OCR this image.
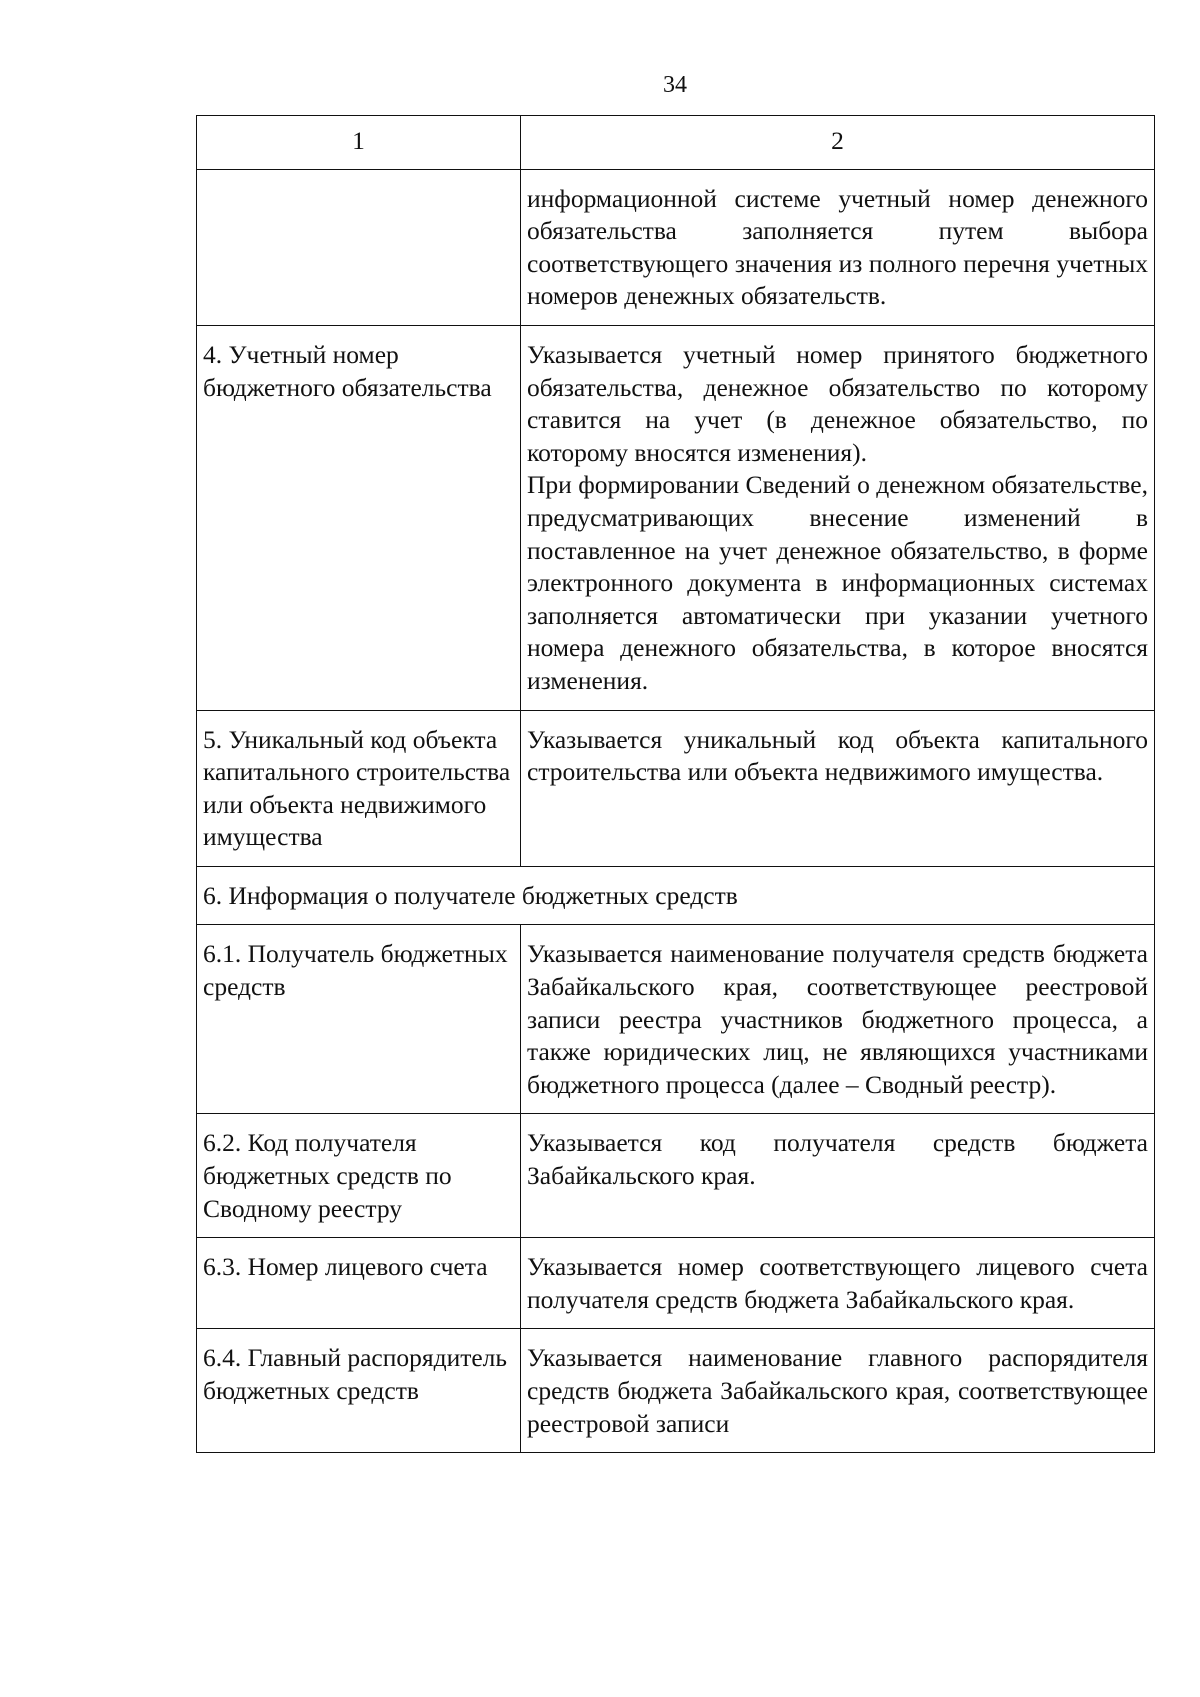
34
1	2

	информационной системе учетный номер денежного обязательства заполняется путем выбора соответствующего значения из полного перечня учетных номеров денежных обязательств.

4. Учетный номер бюджетного обязательства	Указывается учетный номер принятого бюджетного обязательства, денежное обязательство по которому ставится на учет (в денежное обязательство, по которому вносятся изменения).
При формировании Сведений о денежном обязательстве, предусматривающих внесение изменений в поставленное на учет денежное обязательство, в форме электронного документа в информационных системах заполняется автоматически при указании учетного номера денежного обязательства, в которое вносятся изменения.

5. Уникальный код объекта капитального строительства или объекта недвижимого имущества	Указывается уникальный код объекта капитального строительства или объекта недвижимого имущества.

6. Информация о получателе бюджетных средств	
6.1. Получатель бюджетных средств	Указывается наименование получателя средств бюджета Забайкальского края, соответствующее реестровой записи реестра участников бюджетного процесса, а также юридических лиц, не являющихся участниками бюджетного процесса (далее – Сводный реестр).

6.2. Код получателя бюджетных средств по Сводному реестру	Указывается код получателя средств бюджета Забайкальского края.

6.3. Номер лицевого счета	Указывается номер соответствующего лицевого счета получателя средств бюджета Забайкальского края.

6.4. Главный распорядитель бюджетных средств	Указывается наименование главного распорядителя средств бюджета Забайкальского края, соответствующее реестровой записи
